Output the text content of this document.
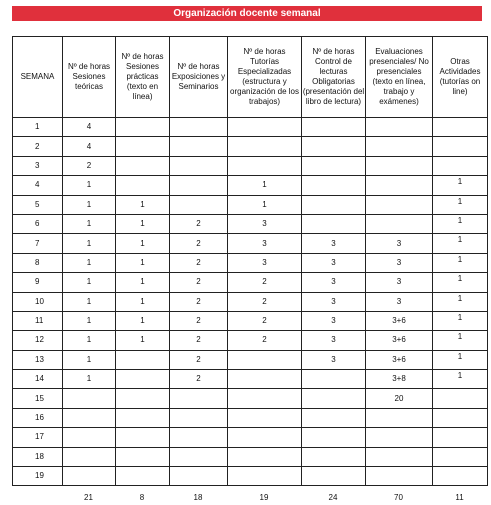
Organización docente semanal
SEMANA	Nº de horas Sesiones teóricas	Nº de horas Sesiones prácticas (texto en línea)	Nº de horas Exposiciones y Seminarios	Nº de horas Tutorías Especializadas (estructura y organización de los trabajos)	Nº de horas Control de lecturas Obligatorias (presentación del libro de lectura)	Evaluaciones presenciales/ No presenciales (texto en línea, trabajo y exámenes)	Otras Actividades (tutorías on line)
1	4						
2	4						
3	2						
4	1			1			1
5	1	1		1			1
6	1	1	2	3			1
7	1	1	2	3	3	3	1
8	1	1	2	3	3	3	1
9	1	1	2	2	3	3	1
10	1	1	2	2	3	3	1
11	1	1	2	2	3	3+6	1
12	1	1	2	2	3	3+6	1
13	1		2		3	3+6	1
14	1		2			3+8	1
15						20	
16							
17							
18							
19							
	21	8	18	19	24	70	11
